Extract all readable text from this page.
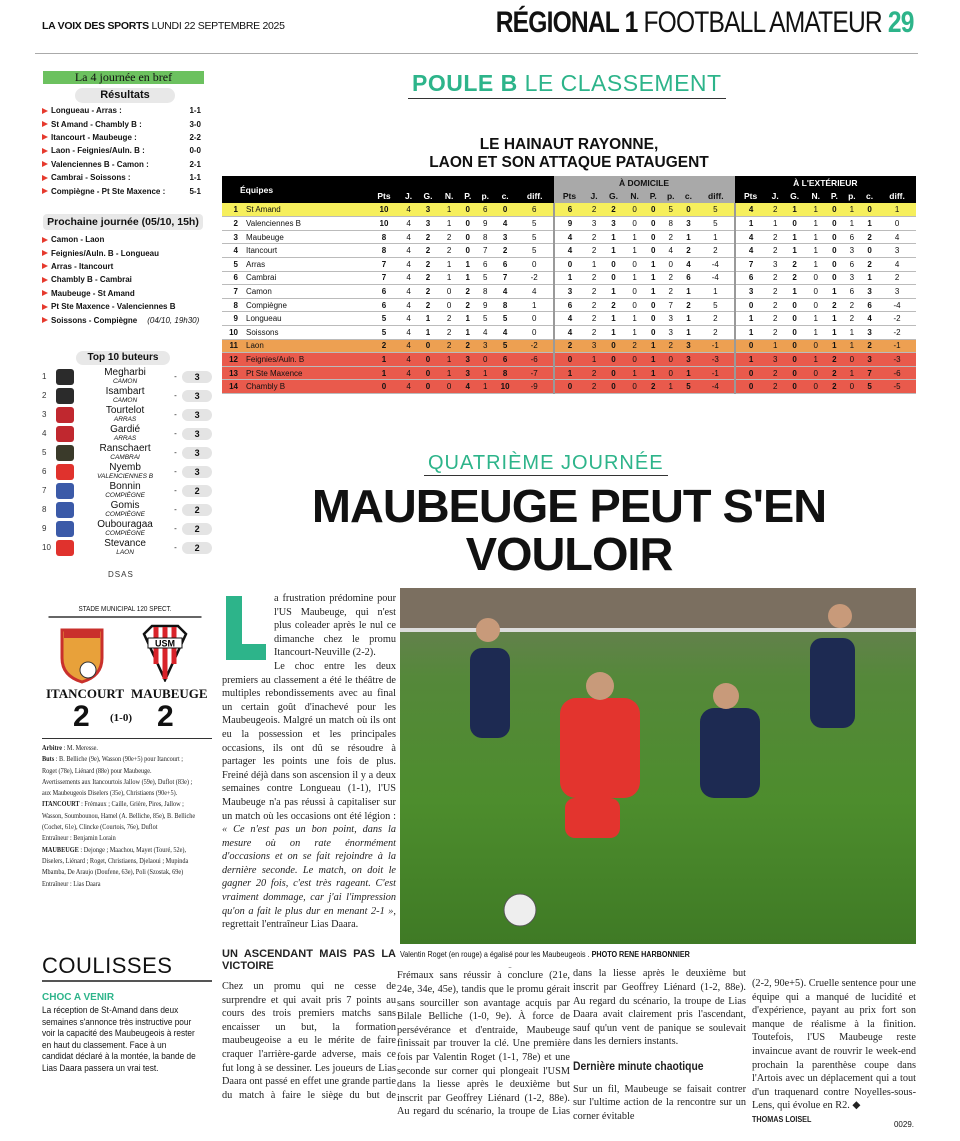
LA VOIX DES SPORTS LUNDI 22 SEPTEMBRE 2025	RÉGIONAL 1 FOOTBALL AMATEUR 29
La 4 journée en bref
Résultats
Longueau - Arras :	1-1
St Amand - Chambly B :	3-0
Itancourt - Maubeuge :	2-2
Laon - Feignies/Auln. B :	0-0
Valenciennes B - Camon :	2-1
Cambrai - Soissons :	1-1
Compiègne - Pt Ste Maxence :	5-1
Prochaine journée (05/10, 15h)
Camon - Laon
Feignies/Auln. B - Longueau
Arras - Itancourt
Chambly B - Cambrai
Maubeuge - St Amand
Pt Ste Maxence - Valenciennes B
Soissons - Compiègne (04/10, 19h30)
Top 10 buteurs
1	Megharbi
CAMON	-	3
2	Isambart
CAMON	-	3
3	Tourtelot
ARRAS	-	3
4	Gardié
ARRAS	-	3
5	Ranschaert
CAMBRAI	-	3
6	Nyemb
VALENCIENNES B	-	3
7	Bonnin
COMPIÈGNE	-	2
8	Gomis
COMPIÈGNE	-	2
9	Oubouragaa
COMPIÈGNE	-	2
10	Stevance
LAON	-	2
DSAS
STADE MUNICIPAL 120 SPECT.
USM
ITANCOURT MAUBEUGE
2 (1-0) 2
Arbitre : M. Meresse.
Buts : B. Belliche (9e), Wasson (90e+5) pour Itancourt ; Roget (78e), Liénard (88e) pour Maubeuge.
Avertissements aux Itancourtois Jallow (59e), Duflot (83e) ; aux Maubeugeois Diselers (35e), Christiaens (90e+5).
ITANCOURT : Frémaux ; Caille, Grière, Pires, Jallow ; Wasson, Soumbounou, Hamel (A. Belliche, 85e), B. Belliche (Cochet, 61e), Clincke (Courtois, 76e), Duflot
Entraîneur : Benjamin Lorain
MAUBEUGE : Dejonge ; Maachou, Mayet (Touré, 52e), Diselers, Liénard ; Roget, Christiaens, Djelaoui ; Mupinda Mbamba, De Araujo (Doufene, 63e), Poli (Szostak, 69e)
Entraîneur : Lias Daara
COULISSES
CHOC A VENIR
La réception de St-Amand dans deux semaines s'annonce très instructive pour voir la capacité des Maubeugeois à rester en haut du classement. Face à un candidat déclaré à la montée, la bande de Lias Daara passera un vrai test.
POULE B LE CLASSEMENT
LE HAINAUT RAYONNE,
LAON ET SON ATTAQUE PATAUGENT
Équipes										À DOMICILE								À L'EXTÉRIEUR							
		Pts	J.	G.	N.	P.	p.	c.	diff.	Pts	J.	G.	N.	P.	p.	c.	diff.	Pts	J.	G.	N.	P.	p.	c.	diff.
1	St Amand	10	4	3	1	0	6	0	6	6	2	2	0	0	5	0	5	4	2	1	1	0	1	0	1
2	Valenciennes B	10	4	3	1	0	9	4	5	9	3	3	0	0	8	3	5	1	1	0	1	0	1	1	0
3	Maubeuge	8	4	2	2	0	8	3	5	4	2	1	1	0	2	1	1	4	2	1	1	0	6	2	4
4	Itancourt	8	4	2	2	0	7	2	5	4	2	1	1	0	4	2	2	4	2	1	1	0	3	0	3
5	Arras	7	4	2	1	1	6	6	0	0	1	0	0	1	0	4	-4	7	3	2	1	0	6	2	4
6	Cambrai	7	4	2	1	1	5	7	-2	1	2	0	1	1	2	6	-4	6	2	2	0	0	3	1	2
7	Camon	6	4	2	0	2	8	4	4	3	2	1	0	1	2	1	1	3	2	1	0	1	6	3	3
8	Compiègne	6	4	2	0	2	9	8	1	6	2	2	0	0	7	2	5	0	2	0	0	2	2	6	-4
9	Longueau	5	4	1	2	1	5	5	0	4	2	1	1	0	3	1	2	1	2	0	1	1	2	4	-2
10	Soissons	5	4	1	2	1	4	4	0	4	2	1	1	0	3	1	2	1	2	0	1	1	1	3	-2
11	Laon	2	4	0	2	2	3	5	-2	2	3	0	2	1	2	3	-1	0	1	0	0	1	1	2	-1
12	Feignies/Auln. B	1	4	0	1	3	0	6	-6	0	1	0	0	1	0	3	-3	1	3	0	1	2	0	3	-3
13	Pt Ste Maxence	1	4	0	1	3	1	8	-7	1	2	0	1	1	0	1	-1	0	2	0	0	2	1	7	-6
14	Chambly B	0	4	0	0	4	1	10	-9	0	2	0	0	2	1	5	-4	0	2	0	0	2	0	5	-5
QUATRIÈME JOURNÉE
MAUBEUGE PEUT S'EN
VOULOIR
a frustration prédomine pour l'US Maubeuge, qui n'est plus coleader après le nul ce dimanche chez le promu Itancourt-Neuville (2-2).
Le choc entre les deux premiers au classement a été le théâtre de multiples rebondissements avec au final un certain goût d'inachevé pour les Maubeugeois. Malgré un match où ils ont eu la possession et les principales occasions, ils ont dû se résoudre à partager les points une fois de plus. Freiné déjà dans son ascension il y a deux semaines contre Longueau (1-1), l'US Maubeuge n'a pas réussi à capitaliser sur un match où les occasions ont été légion : « Ce n'est pas un bon point, dans la mesure où on rate énormément d'occasions et on se fait rejoindre à la dernière seconde. Le match, on doit le gagner 20 fois, c'est très rageant. C'est vraiment dommage, car j'ai l'impression qu'on a fait le plus dur en menant 2-1 », regrettait l'entraîneur Lias Daara.
Valentin Roget (en rouge) a égalisé pour les Maubeugeois . PHOTO RENE HARBONNIER
UN ASCENDANT MAIS PAS LA VICTOIRE
Chez un promu qui ne cesse de surprendre et qui avait pris 7 points au cours des trois premiers matchs sans encaisser un but, la formation maubeugeoise a eu le mérite de faire craquer l'arrière-garde adverse, mais ce fut long à se dessiner. Les joueurs de Lias Daara ont passé en effet une grande partie du match à faire le siège du but de
Frémaux sans réussir à conclure (21e, 24e, 34e, 45e), tandis que le promu gérait sans sourciller son avantage acquis par Bilale Belliche (1-0, 9e). À force de persévérance et d'entraide, Maubeuge finissait par trouver la clé. Une première fois par Valentin Roget (1-1, 78e) et une seconde sur corner qui plongeait l'USM dans la liesse après le deuxième but inscrit par Geoffrey Liénard (1-2, 88e). Au regard du scénario, la troupe de Lias
dans la liesse après le deuxième but inscrit par Geoffrey Liénard (1-2, 88e). Au regard du scénario, la troupe de Lias Daara avait clairement pris l'ascendant, sauf qu'un vent de panique se soulevait dans les derniers instants.
Dernière minute chaotique
Sur un fil, Maubeuge se faisait contrer sur l'ultime action de la rencontre sur un corner évitable
(2-2, 90e+5). Cruelle sentence pour une équipe qui a manqué de lucidité et d'expérience, payant au prix fort son manque de réalisme à la finition. Toutefois, l'US Maubeuge reste invaincue avant de rouvrir le week-end prochain la parenthèse coupe dans l'Artois avec un déplacement qui a tout d'un traquenard contre Noyelles-sous-Lens, qui évolue en R2. ◆
THOMAS LOISEL
0029.
